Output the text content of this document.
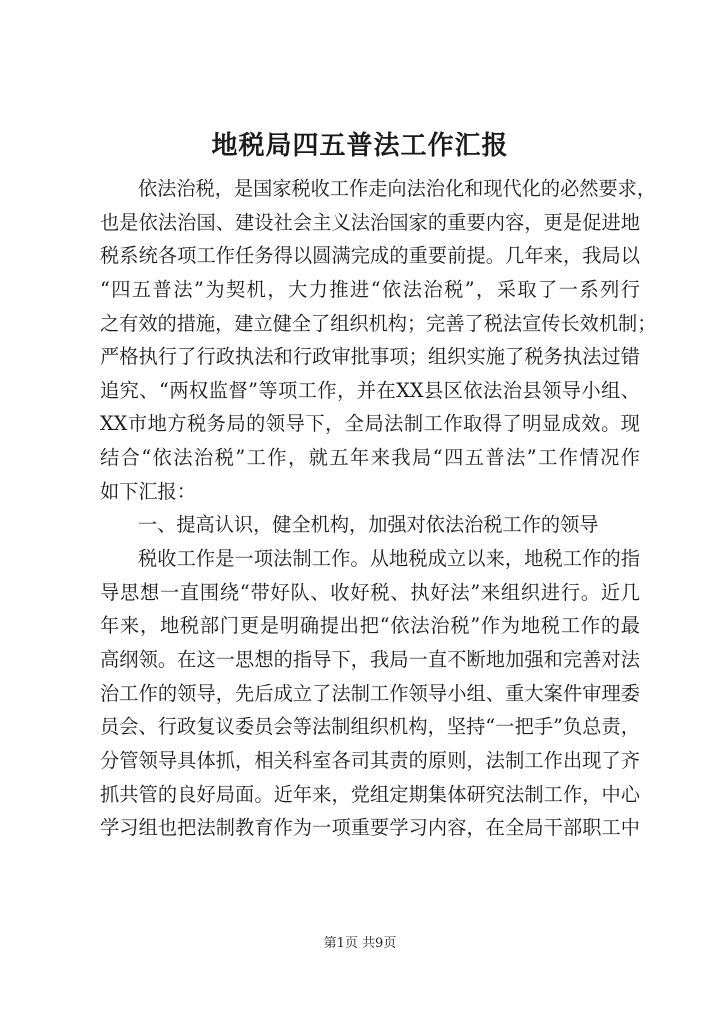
地税局四五普法工作汇报
依法治税，是国家税收工作走向法治化和现代化的必然要求，
也是依法治国、建设社会主义法治国家的重要内容，更是促进地
税系统各项工作任务得以圆满完成的重要前提。几年来，我局以
“四五普法”为契机，大力推进“依法治税”，采取了一系列行
之有效的措施，建立健全了组织机构；完善了税法宣传长效机制；
严格执行了行政执法和行政审批事项；组织实施了税务执法过错
追究、“两权监督”等项工作，并在XX县区依法治县领导小组、
XX市地方税务局的领导下，全局法制工作取得了明显成效。现
结合“依法治税”工作，就五年来我局“四五普法”工作情况作
如下汇报：
一、提高认识，健全机构，加强对依法治税工作的领导
税收工作是一项法制工作。从地税成立以来，地税工作的指
导思想一直围绕“带好队、收好税、执好法”来组织进行。近几
年来，地税部门更是明确提出把“依法治税”作为地税工作的最
高纲领。在这一思想的指导下，我局一直不断地加强和完善对法
治工作的领导，先后成立了法制工作领导小组、重大案件审理委
员会、行政复议委员会等法制组织机构，坚持“一把手”负总责，
分管领导具体抓，相关科室各司其责的原则，法制工作出现了齐
抓共管的良好局面。近年来，党组定期集体研究法制工作，中心
学习组也把法制教育作为一项重要学习内容，在全局干部职工中
第1页 共9页
